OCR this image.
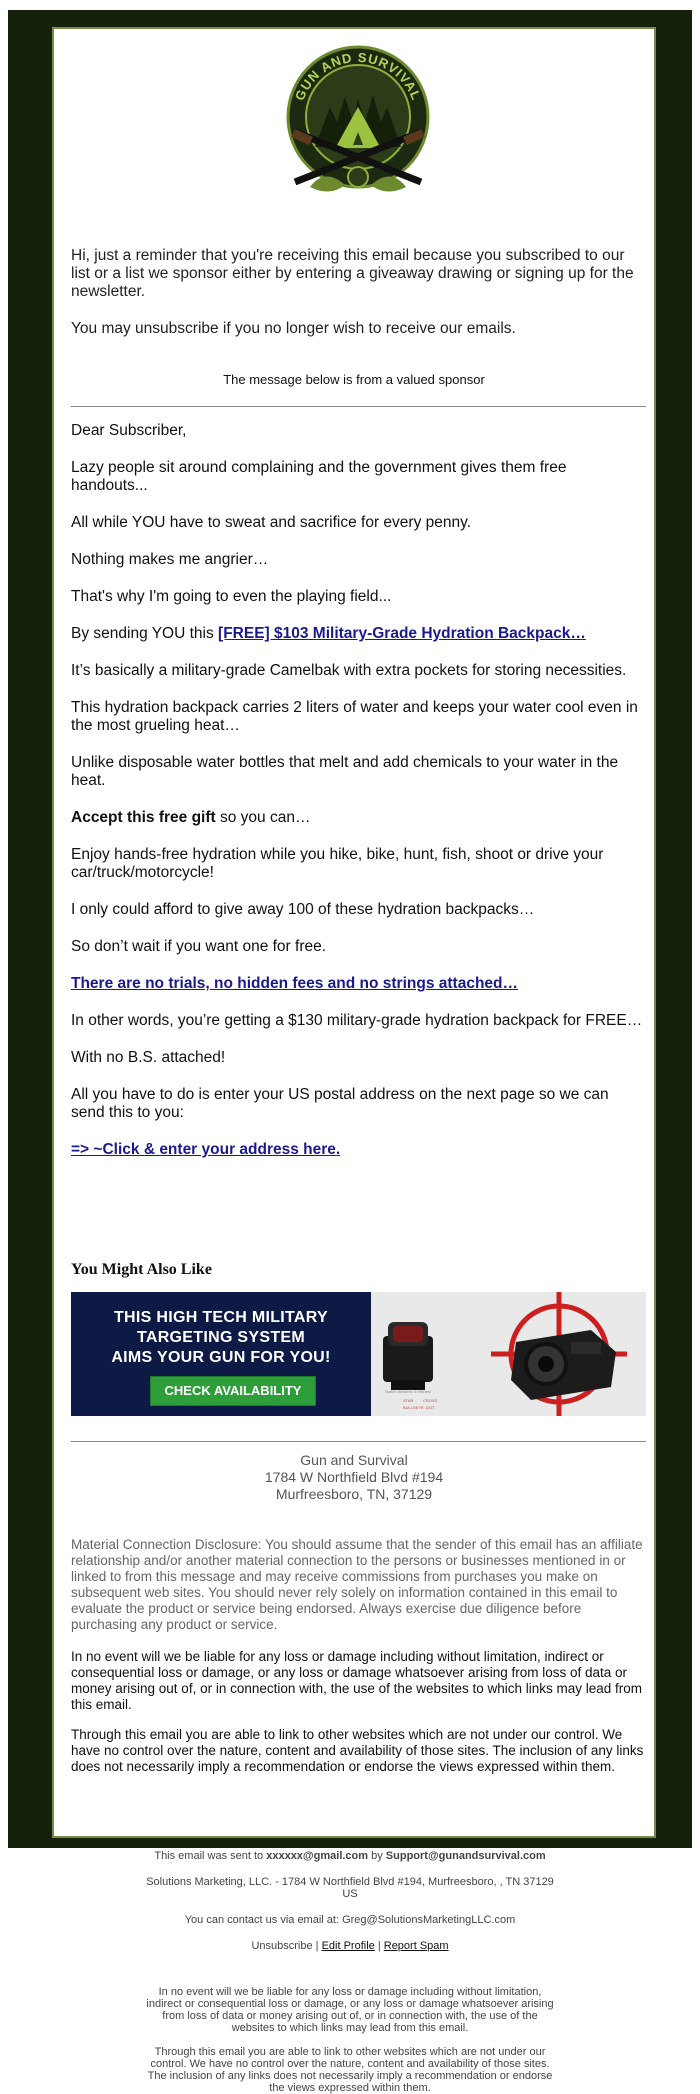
GUN AND SURVIVAL

Hi, just a reminder that you're receiving this email because you subscribed to our list or a list we sponsor either by entering a giveaway drawing or signing up for the newsletter.

You may unsubscribe if you no longer wish to receive our emails.

The message below is from a valued sponsor

Dear Subscriber,

Lazy people sit around complaining and the government gives them free handouts...

All while YOU have to sweat and sacrifice for every penny.

Nothing makes me angrier…

That's why I'm going to even the playing field...

By sending YOU this [FREE] $103 Military-Grade Hydration Backpack…

It’s basically a military-grade Camelbak with extra pockets for storing necessities.

This hydration backpack carries 2 liters of water and keeps your water cool even in the most grueling heat…

Unlike disposable water bottles that melt and add chemicals to your water in the heat.

Accept this free gift so you can…

Enjoy hands-free hydration while you hike, bike, hunt, fish, shoot or drive your car/truck/motorcycle!

I only could afford to give away 100 of these hydration backpacks…

So don’t wait if you want one for free.

There are no trials, no hidden fees and no strings attached…

In other words, you’re getting a $130 military-grade hydration backpack for FREE…

With no B.S. attached!

All you have to do is enter your US postal address on the next page so we can send this to you:

=> ~Click & enter your address here.

You Might Also Like
THIS HIGH TECH MILITARY
TARGETING SYSTEM
AIMS YOUR GUN FOR YOU!
CHECK AVAILABILITY	Switch between 4 reticles!
STAR CROSS
BULLSEYE DOT
Gun and Survival
1784 W Northfield Blvd #194
Murfreesboro, TN, 37129
Material Connection Disclosure: You should assume that the sender of this email has an affiliate relationship and/or another material connection to the persons or businesses mentioned in or linked to from this message and may receive commissions from purchases you make on subsequent web sites. You should never rely solely on information contained in this email to evaluate the product or service being endorsed. Always exercise due diligence before purchasing any product or service.

In no event will we be liable for any loss or damage including without limitation, indirect or consequential loss or damage, or any loss or damage whatsoever arising from loss of data or money arising out of, or in connection with, the use of the websites to which links may lead from this email.

Through this email you are able to link to other websites which are not under our control. We have no control over the nature, content and availability of those sites. The inclusion of any links does not necessarily imply a recommendation or endorse the views expressed within them.

This email was sent to xxxxxx@gmail.com by Support@gunandsurvival.com

Solutions Marketing, LLC. - 1784 W Northfield Blvd #194, Murfreesboro, , TN 37129

US

You can contact us via email at: Greg@SolutionsMarketingLLC.com

Unsubscribe | Edit Profile | Report Spam

In no event will we be liable for any loss or damage including without limitation, indirect or consequential loss or damage, or any loss or damage whatsoever arising from loss of data or money arising out of, or in connection with, the use of the websites to which links may lead from this email.

Through this email you are able to link to other websites which are not under our control. We have no control over the nature, content and availability of those sites. The inclusion of any links does not necessarily imply a recommendation or endorse the views expressed within them.
